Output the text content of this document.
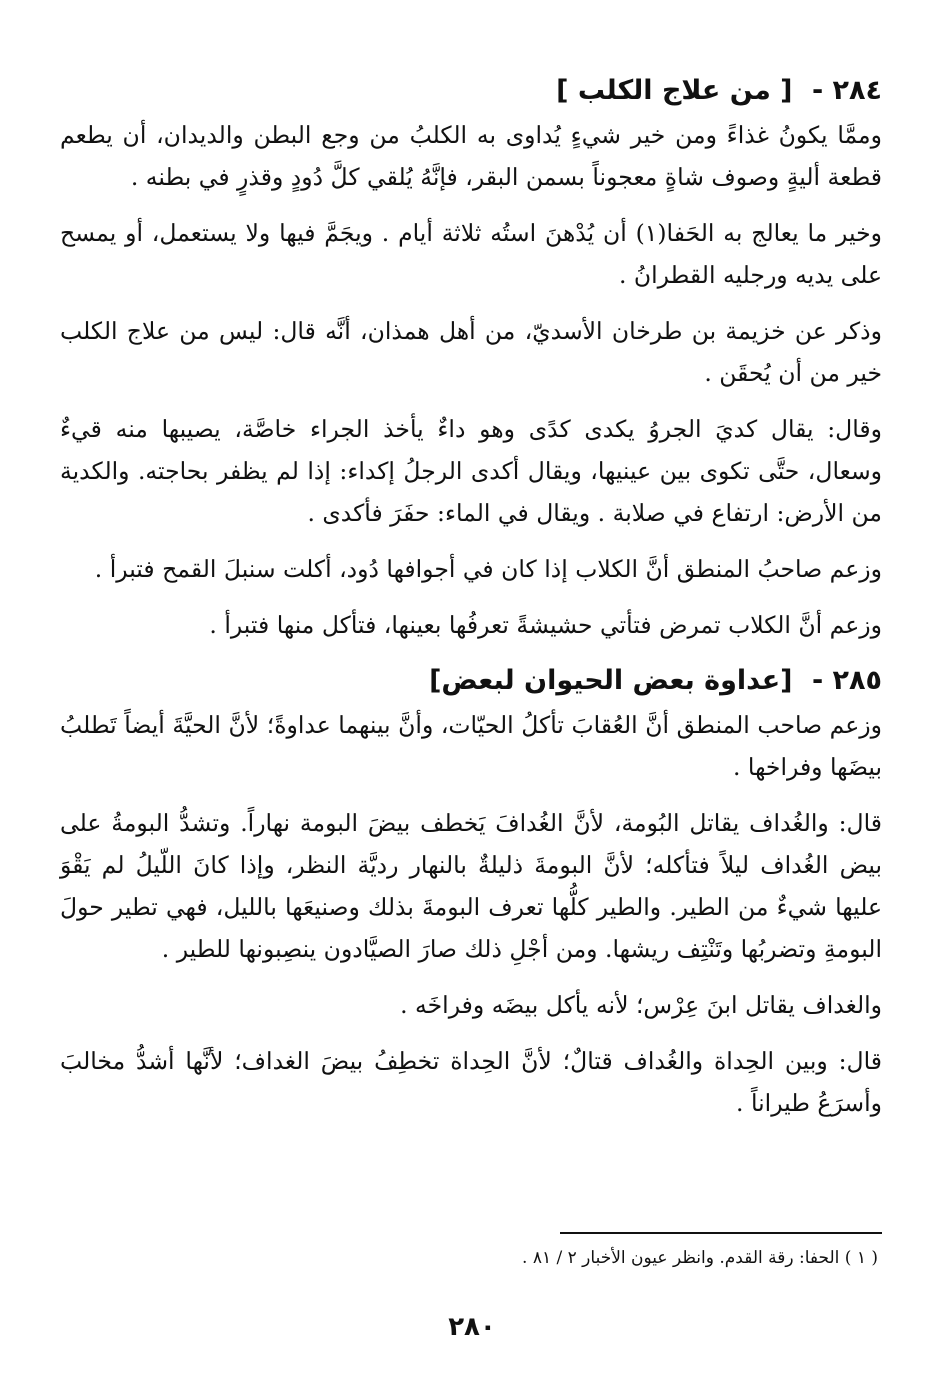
٢٨٤ - [ من علاج الكلب ]

وممَّا يكونُ غذاءً ومن خير شيءٍ يُداوى به الكلبُ من وجع البطن والديدان، أن يطعم قطعة أليةٍ وصوف شاةٍ معجوناً بسمن البقر، فإنَّهُ يُلقي كلَّ دُودٍ وقذرٍ في بطنه .

وخير ما يعالج به الحَفا(١) أن يُدْهنَ استُه ثلاثة أيام . ويجَمَّ فيها ولا يستعمل، أو يمسح على يديه ورجليه القطرانُ .

وذكر عن خزيمة بن طرخان الأسديّ، من أهل همذان، أنَّه قال: ليس من علاج الكلب خير من أن يُحقَن .

وقال: يقال كديَ الجروُ يكدى كدًى وهو داءٌ يأخذ الجراء خاصَّة، يصيبها منه قيءٌ وسعال، حتَّى تكوى بين عينيها، ويقال أكدى الرجلُ إكداء: إذا لم يظفر بحاجته. والكدية من الأرض: ارتفاع في صلابة . ويقال في الماء: حفَرَ فأكدى .

وزعم صاحبُ المنطق أنَّ الكلاب إذا كان في أجوافها دُود، أكلت سنبلَ القمح فتبرأ .

وزعم أنَّ الكلاب تمرض فتأتي حشيشةً تعرفُها بعينها، فتأكل منها فتبرأ .

٢٨٥ - [عداوة بعض الحيوان لبعض]

وزعم صاحب المنطق أنَّ العُقابَ تأكلُ الحيّات، وأنَّ بينهما عداوةً؛ لأنَّ الحيَّةَ أيضاً تَطلبُ بيضَها وفراخها .

قال: والغُداف يقاتل البُومة، لأنَّ الغُدافَ يَخطف بيضَ البومة نهاراً. وتشدُّ البومةُ على بيض الغُداف ليلاً فتأكله؛ لأنَّ البومةَ ذليلةٌ بالنهار رديَّة النظر، وإذا كانَ اللّيلُ لم يَقْوَ عليها شيءٌ من الطير. والطير كلُّها تعرف البومةَ بذلك وصنيعَها بالليل، فهي تطير حولَ البومةِ وتضربُها وتَنْتِف ريشها. ومن أجْلِ ذلك صارَ الصيَّادون ينصِبونها للطير .

والغداف يقاتل ابنَ عِرْس؛ لأنه يأكل بيضَه وفراخَه .

قال: وبين الحِداة والغُداف قتالٌ؛ لأنَّ الحِداة تخطِفُ بيضَ الغداف؛ لأنَّها أشدُّ مخالبَ وأسرَعُ طيراناً .

( ١ ) الحفا: رقة القدم. وانظر عيون الأخبار ٢ / ٨١ .
٢٨٠
